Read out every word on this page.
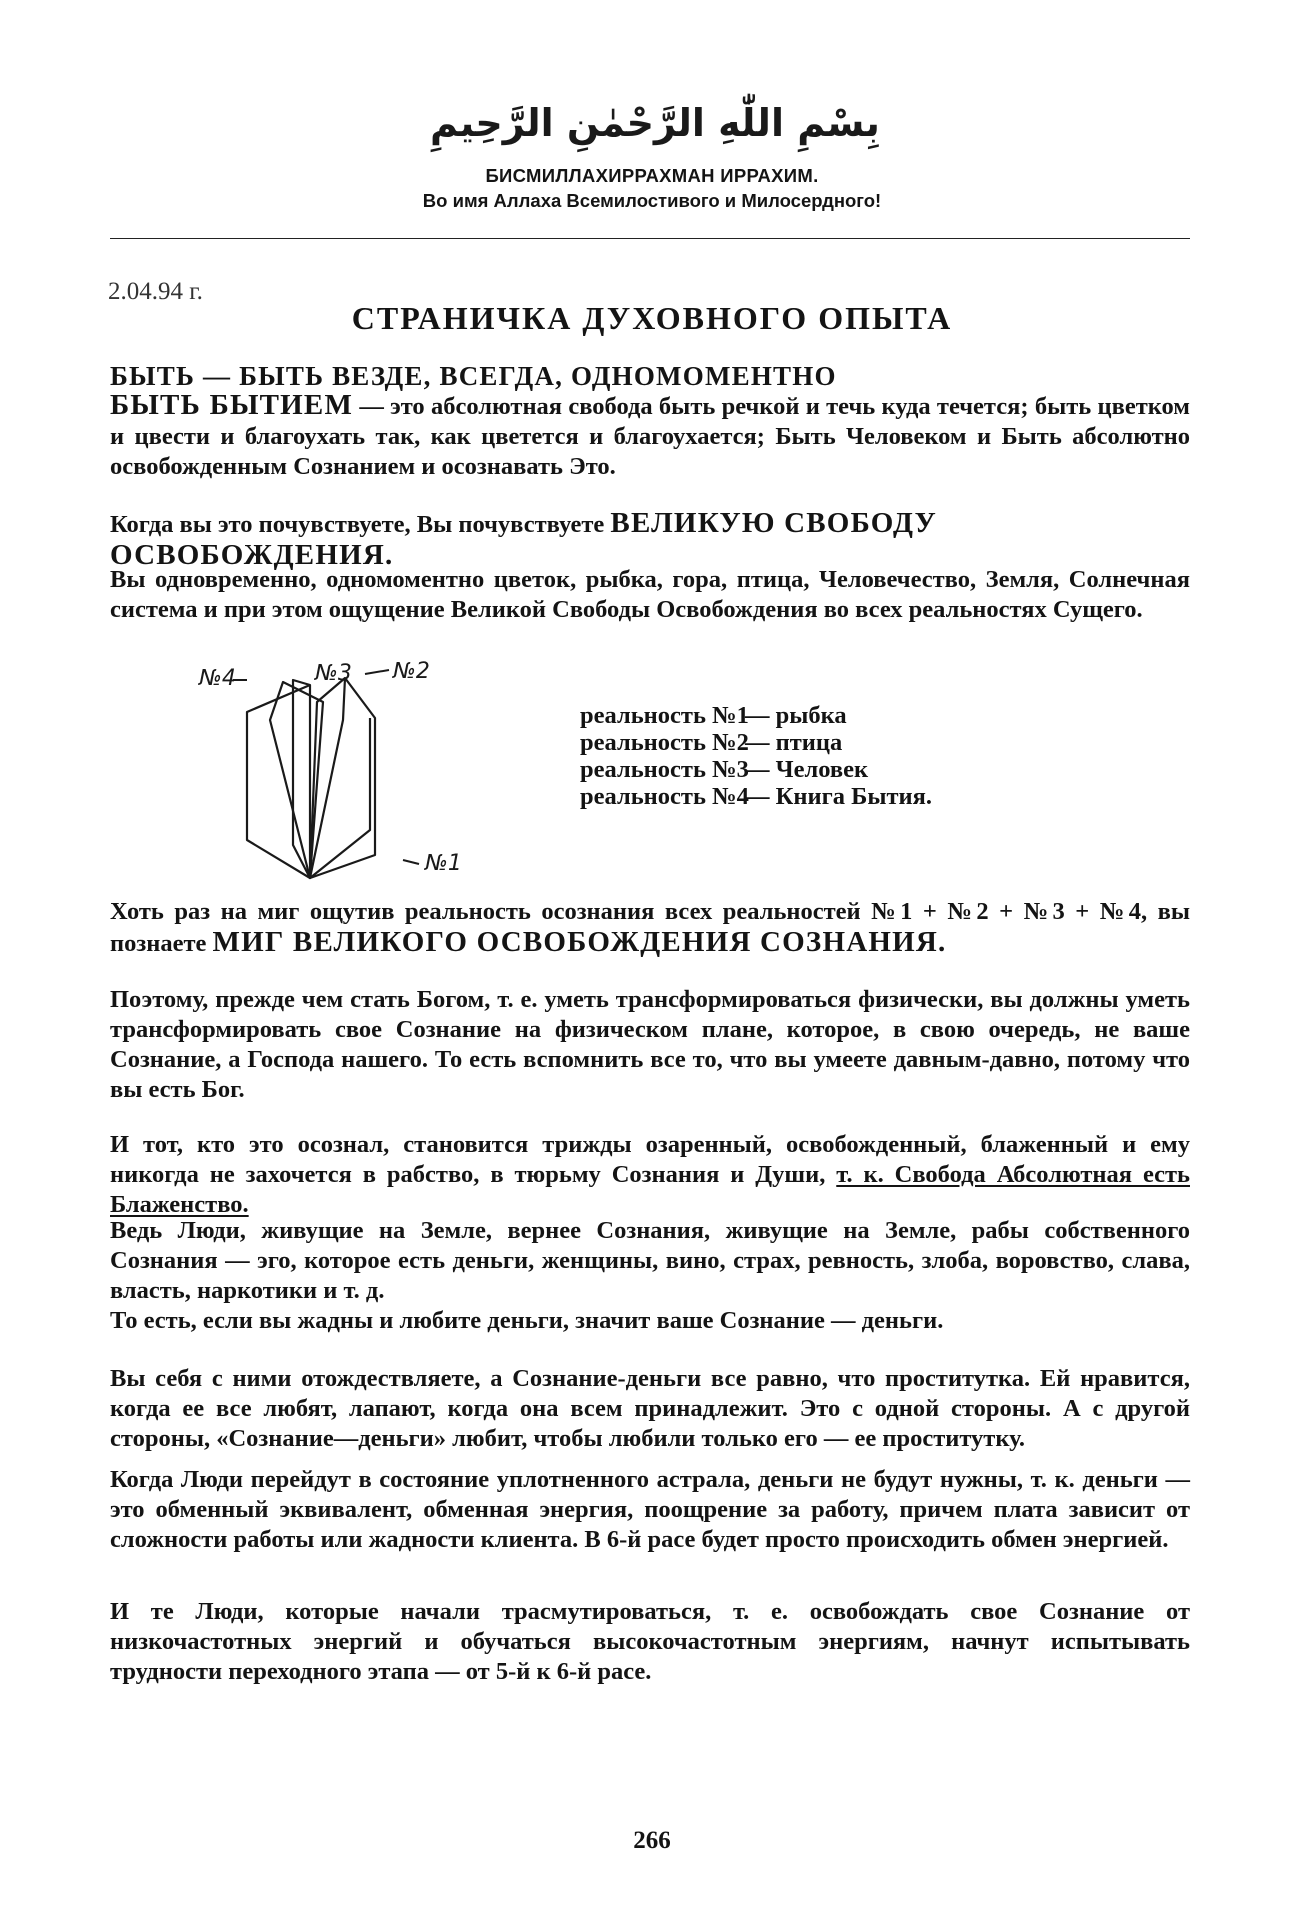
بِسْمِ اللّٰهِ الرَّحْمٰنِ الرَّحِيمِ
БИСМИЛЛАХИРРАХМАН ИРРАХИМ.
Во имя Аллаха Всемилостивого и Милосердного!
2.04.94 г.
СТРАНИЧКА ДУХОВНОГО ОПЫТА
БЫТЬ — БЫТЬ ВЕЗДЕ, ВСЕГДА, ОДНОМОМЕНТНО

БЫТЬ БЫТИЕМ — это абсолютная свобода быть речкой и течь куда течется; быть цветком и цвести и благоухать так, как цветется и благоухается; Быть Человеком и Быть абсолютно освобожденным Сознанием и осознавать Это.

Когда вы это почувствуете, Вы почувствуете ВЕЛИКУЮ СВОБОДУ ОСВОБОЖДЕНИЯ.

Вы одновременно, одномоментно цветок, рыбка, гора, птица, Человечество, Земля, Солнечная система и при этом ощущение Великой Свободы Освобождения во всех реальностях Сущего.

№4	№3 №2
№1
реальность №1
— рыбка
реальность №2
— птица
реальность №3
— Человек
реальность №4
— Книга Бытия.

Хоть раз на миг ощутив реальность осознания всех реальностей №1 + №2 + №3 + №4, вы познаете МИГ ВЕЛИКОГО ОСВОБОЖДЕНИЯ СОЗНАНИЯ.

Поэтому, прежде чем стать Богом, т. е. уметь трансформироваться физически, вы должны уметь трансформировать свое Сознание на физическом плане, которое, в свою очередь, не ваше Сознание, а Господа нашего. То есть вспомнить все то, что вы умеете давным-давно, потому что вы есть Бог.

И тот, кто это осознал, становится трижды озаренный, освобожденный, блаженный и ему никогда не захочется в рабство, в тюрьму Сознания и Души, т. к. Свобода Абсолютная есть Блаженство.

Ведь Люди, живущие на Земле, вернее Сознания, живущие на Земле, рабы собственного Сознания — эго, которое есть деньги, женщины, вино, страх, ревность, злоба, воровство, слава, власть, наркотики и т. д.

То есть, если вы жадны и любите деньги, значит ваше Сознание — деньги.

Вы себя с ними отождествляете, а Сознание-деньги все равно, что проститутка. Ей нравится, когда ее все любят, лапают, когда она всем принадлежит. Это с одной стороны. А с другой стороны, «Сознание—деньги» любит, чтобы любили только его — ее проститутку.

Когда Люди перейдут в состояние уплотненного астрала, деньги не будут нужны, т. к. деньги — это обменный эквивалент, обменная энергия, поощрение за работу, причем плата зависит от сложности работы или жадности клиента. В 6-й расе будет просто происходить обмен энергией.

И те Люди, которые начали трасмутироваться, т. е. освобождать свое Сознание от низкочастотных энергий и обучаться высокочастотным энергиям, начнут испытывать трудности переходного этапа — от 5-й к 6-й расе.

266
